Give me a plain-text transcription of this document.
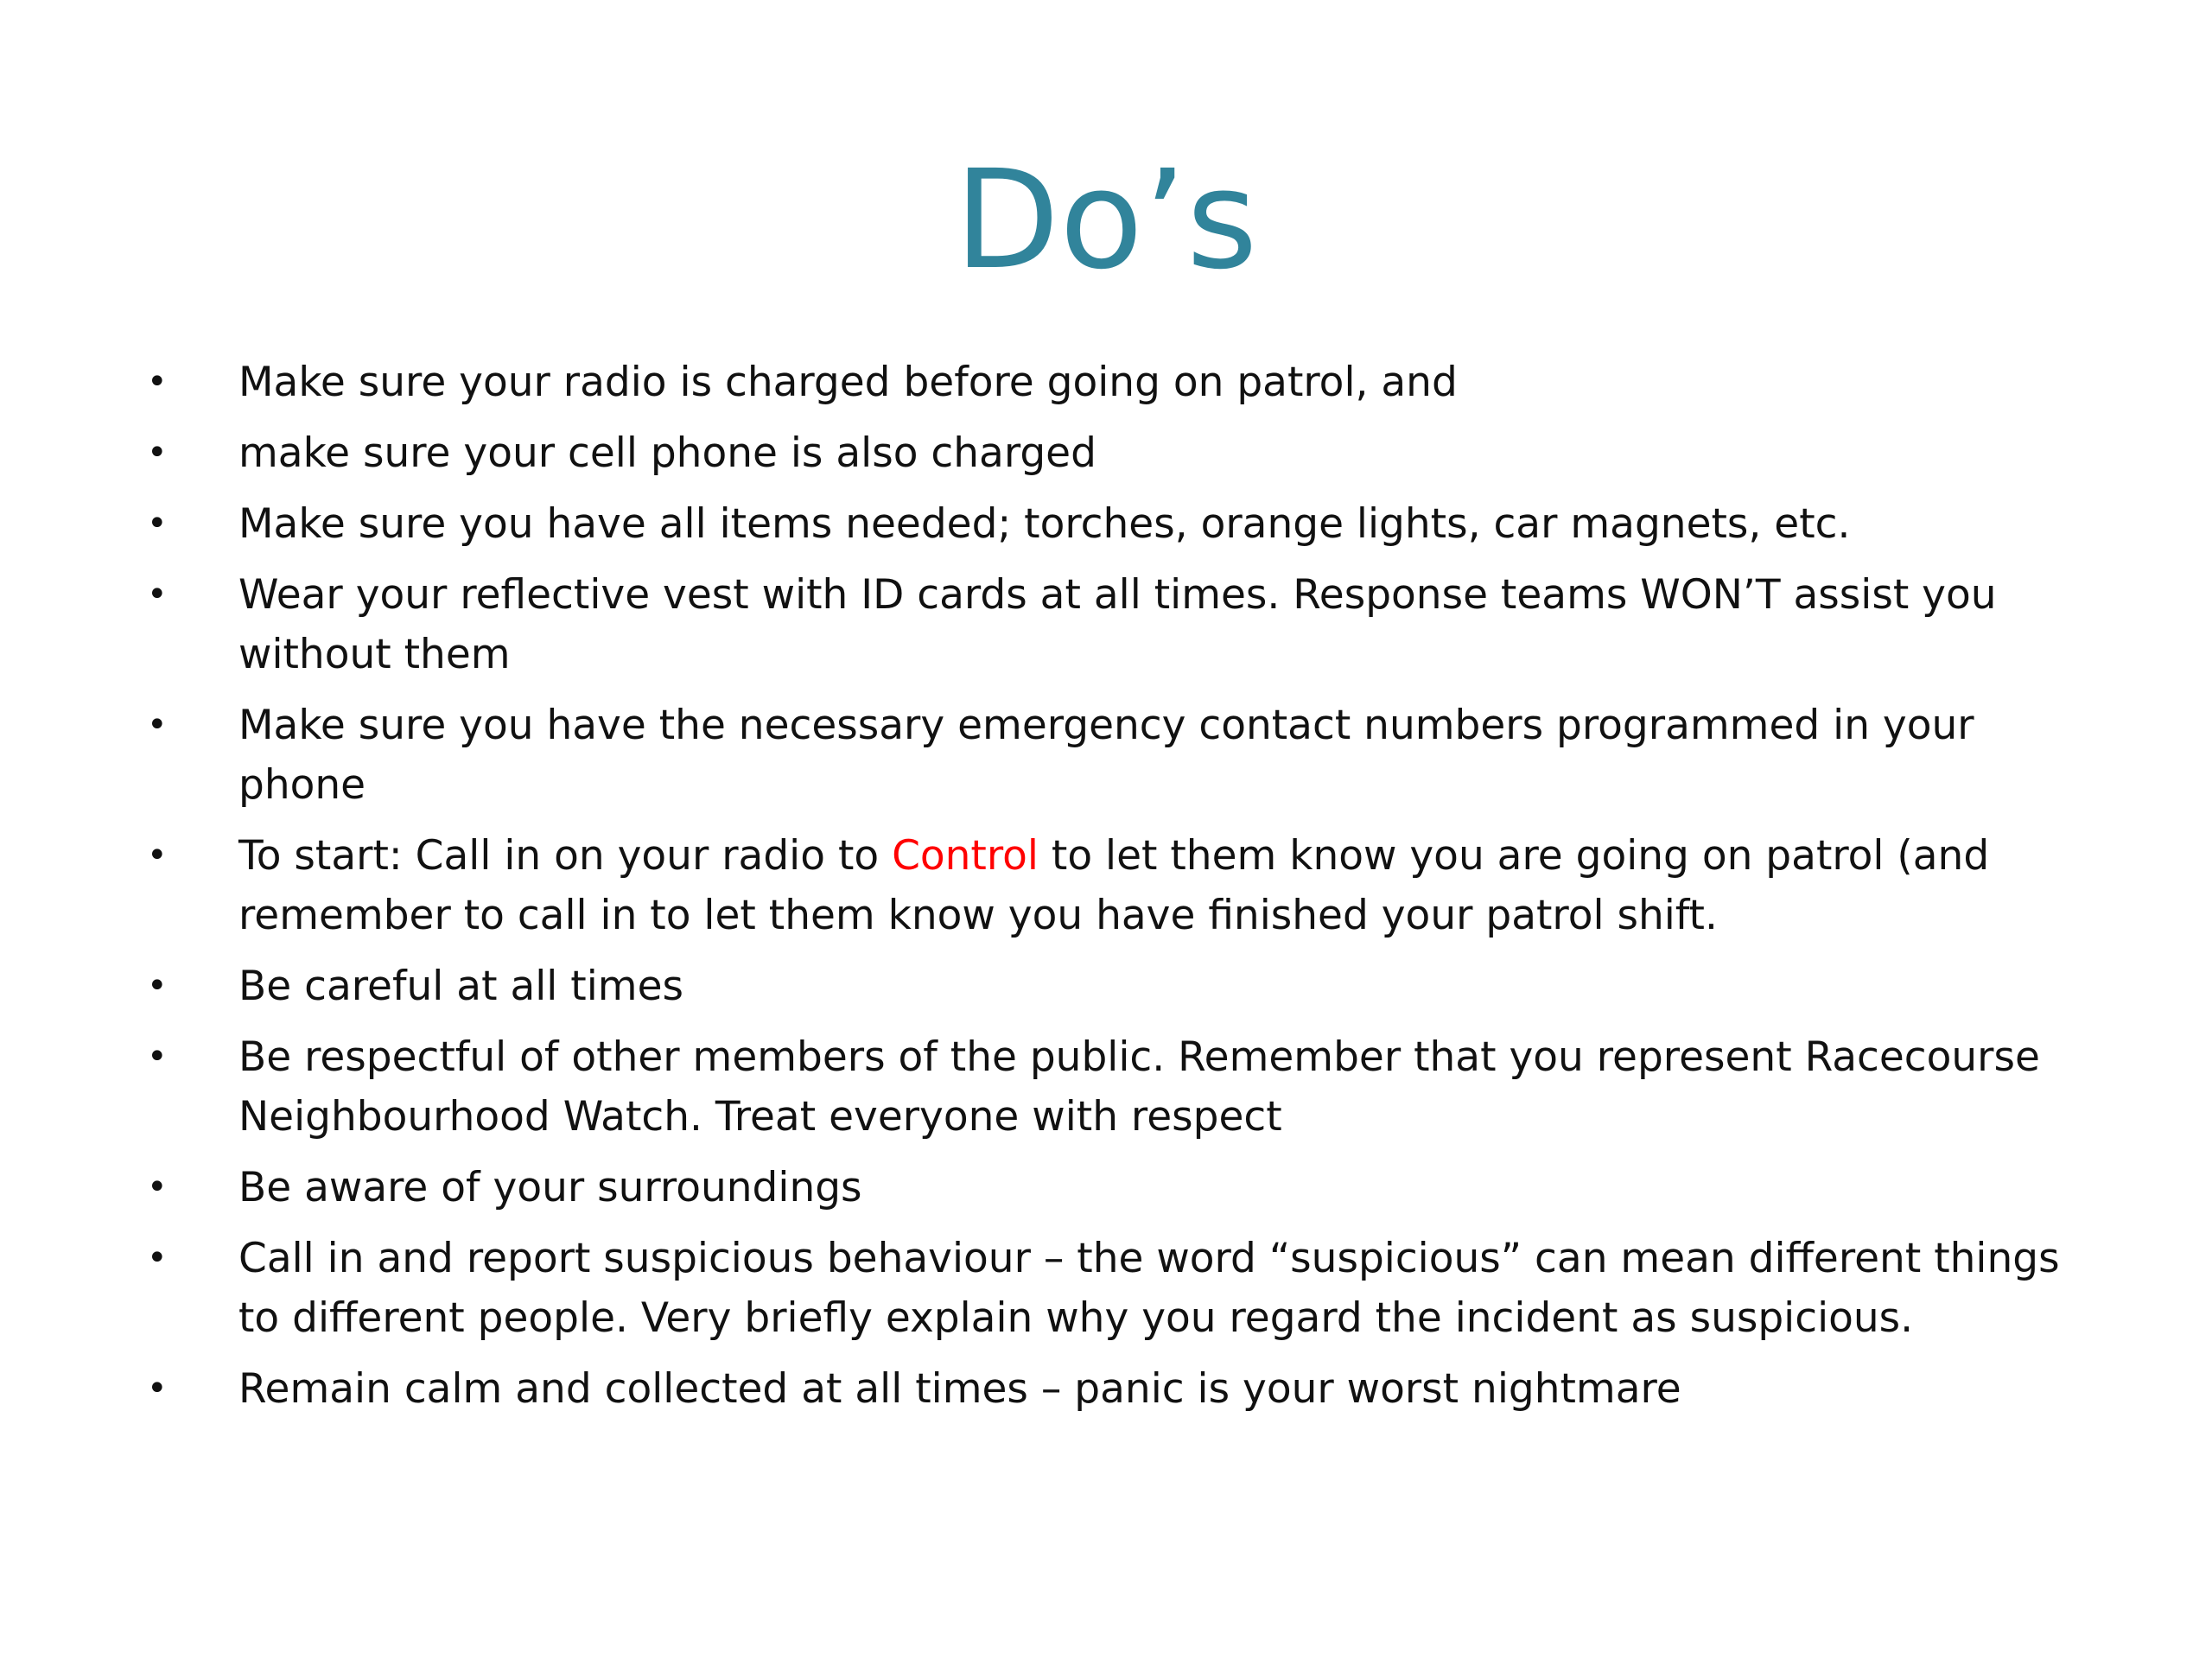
Do’s
•	Make sure your radio is charged before going on patrol, and
•	make sure your cell phone is also charged
•	Make sure you have all items needed; torches, orange lights, car magnets, etc.
•	Wear your reflective vest with ID cards at all times. Response teams WON’T assist you without them
•	Make sure you have the necessary emergency contact numbers programmed in your phone
•	To start: Call in on your radio to Control to let them know you are going on patrol (and remember to call in to let them know you have finished your patrol shift.
•	Be careful at all times
•	Be respectful of other members of the public. Remember that you represent Racecourse Neighbourhood Watch. Treat everyone with respect
•	Be aware of your surroundings
•	Call in and report suspicious behaviour – the word “suspicious” can mean different things to different people. Very briefly explain why you regard the incident as suspicious.
•	Remain calm and collected at all times – panic is your worst nightmare
